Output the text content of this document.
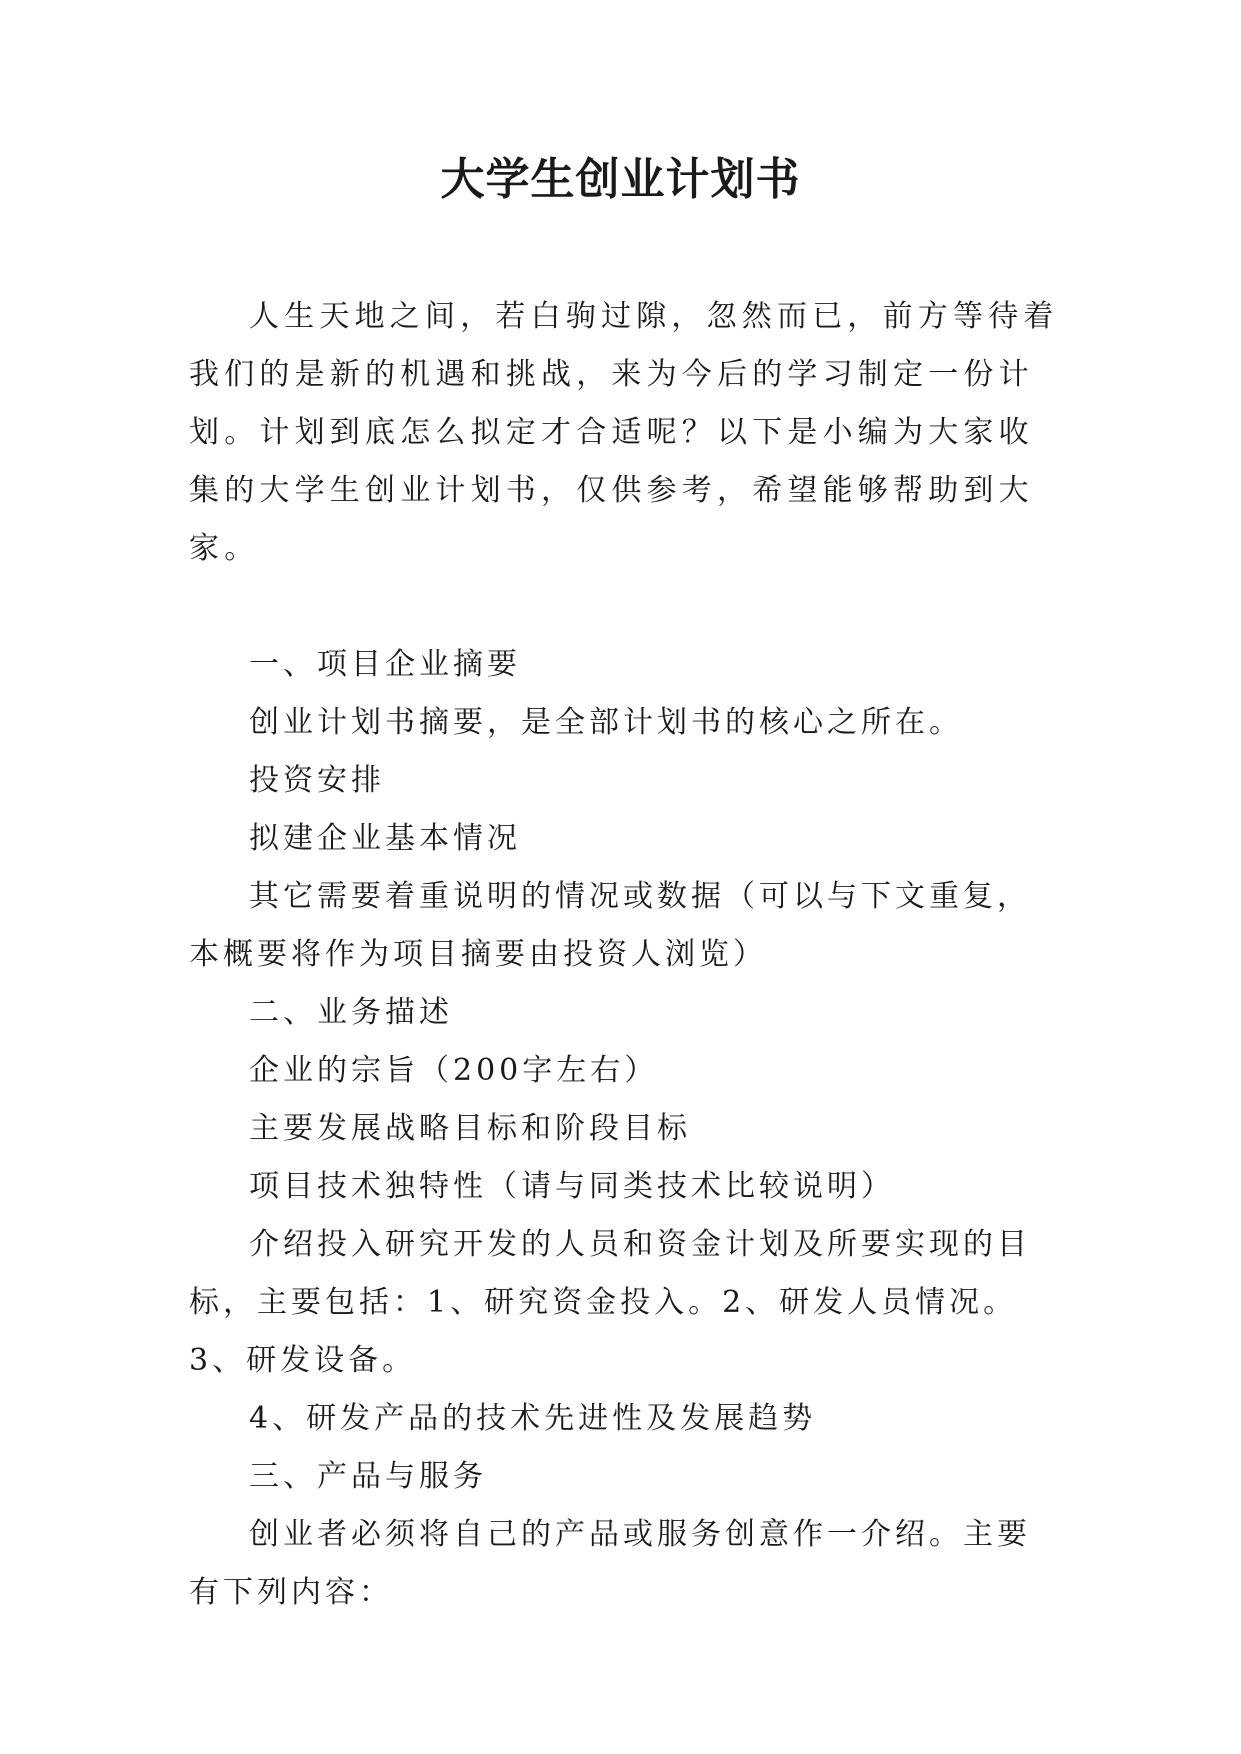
大学生创业计划书

人生天地之间，若白驹过隙，忽然而已，前方等待着我们的是新的机遇和挑战，来为今后的学习制定一份计划。计划到底怎么拟定才合适呢？以下是小编为大家收集的大学生创业计划书，仅供参考，希望能够帮助到大家。

一、项目企业摘要

创业计划书摘要，是全部计划书的核心之所在。

投资安排

拟建企业基本情况

其它需要着重说明的情况或数据（可以与下文重复，本概要将作为项目摘要由投资人浏览）

二、业务描述

企业的宗旨（200字左右）

主要发展战略目标和阶段目标

项目技术独特性（请与同类技术比较说明）

介绍投入研究开发的人员和资金计划及所要实现的目标，主要包括：1、研究资金投入。2、研发人员情况。3、研发设备。

4、研发产品的技术先进性及发展趋势

三、产品与服务

创业者必须将自己的产品或服务创意作一介绍。主要有下列内容：
